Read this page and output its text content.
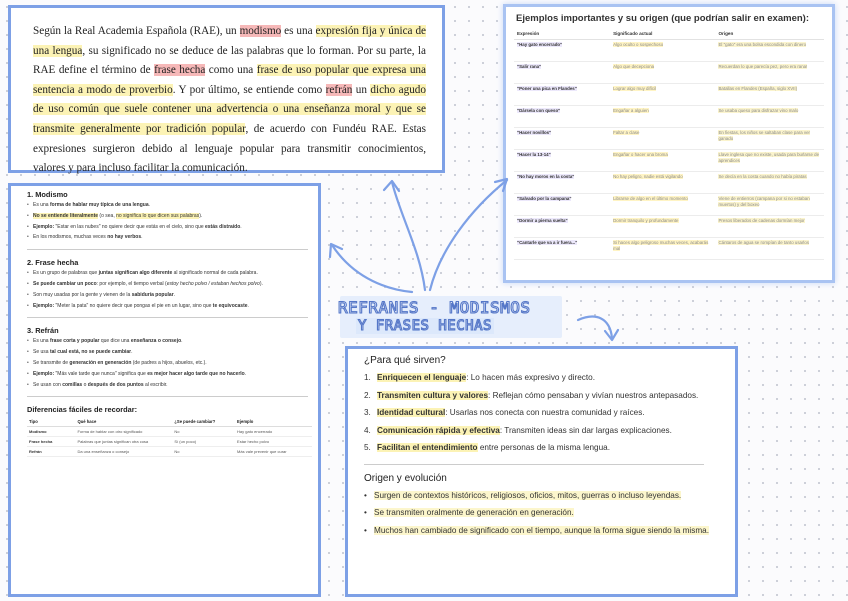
Según la Real Academia Española (RAE), un modismo es una expresión fija y única de una lengua, su significado no se deduce de las palabras que lo forman. Por su parte, la RAE define el término de frase hecha como una frase de uso popular que expresa una sentencia a modo de proverbio. Y por último, se entiende como refrán un dicho agudo de uso común que suele contener una advertencia o una enseñanza moral y que se transmite generalmente por tradición popular, de acuerdo con Fundéu RAE. Estas expresiones surgieron debido al lenguaje popular para transmitir conocimientos, valores y para incluso facilitar la comunicación.

Ejemplos importantes y su origen (que podrían salir en examen):
Expresión	Significado actual	Origen
"Hay gato encerrado"	Algo oculto o sospechoso	El "gato" era una bolsa escondida con dinero
"Salir rana"	Algo que decepciona	Recuerdan lo que parecía pez, pero era rana!
"Poner una pica en Flandes"	Lograr algo muy difícil	Batallas en Flandes (España, siglo XVII)
"Dársela con queso"	Engañar a alguien	Se usaba queso para disfrazar vino malo
"Hacer novillos"	Faltar a clase	En fiestas, los niños se saltaban clase para ver ganado
"Hacer la 13-14"	Engañar o hacer una broma	Llave inglesa que no existe, usada para burlarse de aprendices
"No hay moros en la costa"	No hay peligro, nadie está vigilando	Se decía en la costa cuando no había piratas
"Salvado por la campana"	Librarse de algo en el último momento	Viene de entierros (campana por si no estaban muertos) y del boxeo
"Dormir a pierna suelta"	Dormir tranquilo y profundamente	Presos liberados de cadenas dormían mejor
"Cantarle que va a ir fuera..."	Si haces algo peligroso muchas veces, acabarás mal	Cántaros de agua se rompían de tanto usarlos
1. Modismo
• Es una forma de hablar muy típica de una lengua.
• No se entiende literalmente (o sea, no significa lo que dicen sus palabras).
• Ejemplo: "Estar en las nubes" no quiere decir que estás en el cielo, sino que estás distraído.
• En los modismos, muchas veces no hay verbos.
2. Frase hecha
• Es un grupo de palabras que juntas significan algo diferente al significado normal de cada palabra.
• Se puede cambiar un poco: por ejemplo, el tiempo verbal (estoy hecho polvo / estaban hechos polvo).
• Son muy usadas por la gente y vienen de la sabiduría popular.
• Ejemplo: "Meter la pata" no quiere decir que pongas el pie en un lugar, sino que te equivocaste.
3. Refrán
• Es una frase corta y popular que dice una enseñanza o consejo.
• Se usa tal cual está, no se puede cambiar.
• Se transmite de generación en generación (de padres a hijos, abuelos, etc.).
• Ejemplo: "Más vale tarde que nunca" significa que es mejor hacer algo tarde que no hacerlo.
• Se usan con comillas o después de dos puntos al escribir.
Diferencias fáciles de recordar:
Tipo	Qué hace	¿Se puede cambiar?	Ejemplo
Modismo	Forma de hablar con otro significado	No	Hay gato encerrado
Frase hecha	Palabras que juntas significan otra cosa	Sí (un poco)	Estar hecho polvo
Refrán	Da una enseñanza o consejo	No	Más vale prevenir que curar
REFRANES - MODISMOS
Y FRASES HECHAS
¿Para qué sirven?
1. Enriquecen el lenguaje: Lo hacen más expresivo y directo.
2. Transmiten cultura y valores: Reflejan cómo pensaban y vivían nuestros antepasados.
3. Identidad cultural: Usarlas nos conecta con nuestra comunidad y raíces.
4. Comunicación rápida y efectiva: Transmiten ideas sin dar largas explicaciones.
5. Facilitan el entendimiento entre personas de la misma lengua.
Origen y evolución
• Surgen de contextos históricos, religiosos, oficios, mitos, guerras o incluso leyendas.
• Se transmiten oralmente de generación en generación.
• Muchos han cambiado de significado con el tiempo, aunque la forma sigue siendo la misma.
